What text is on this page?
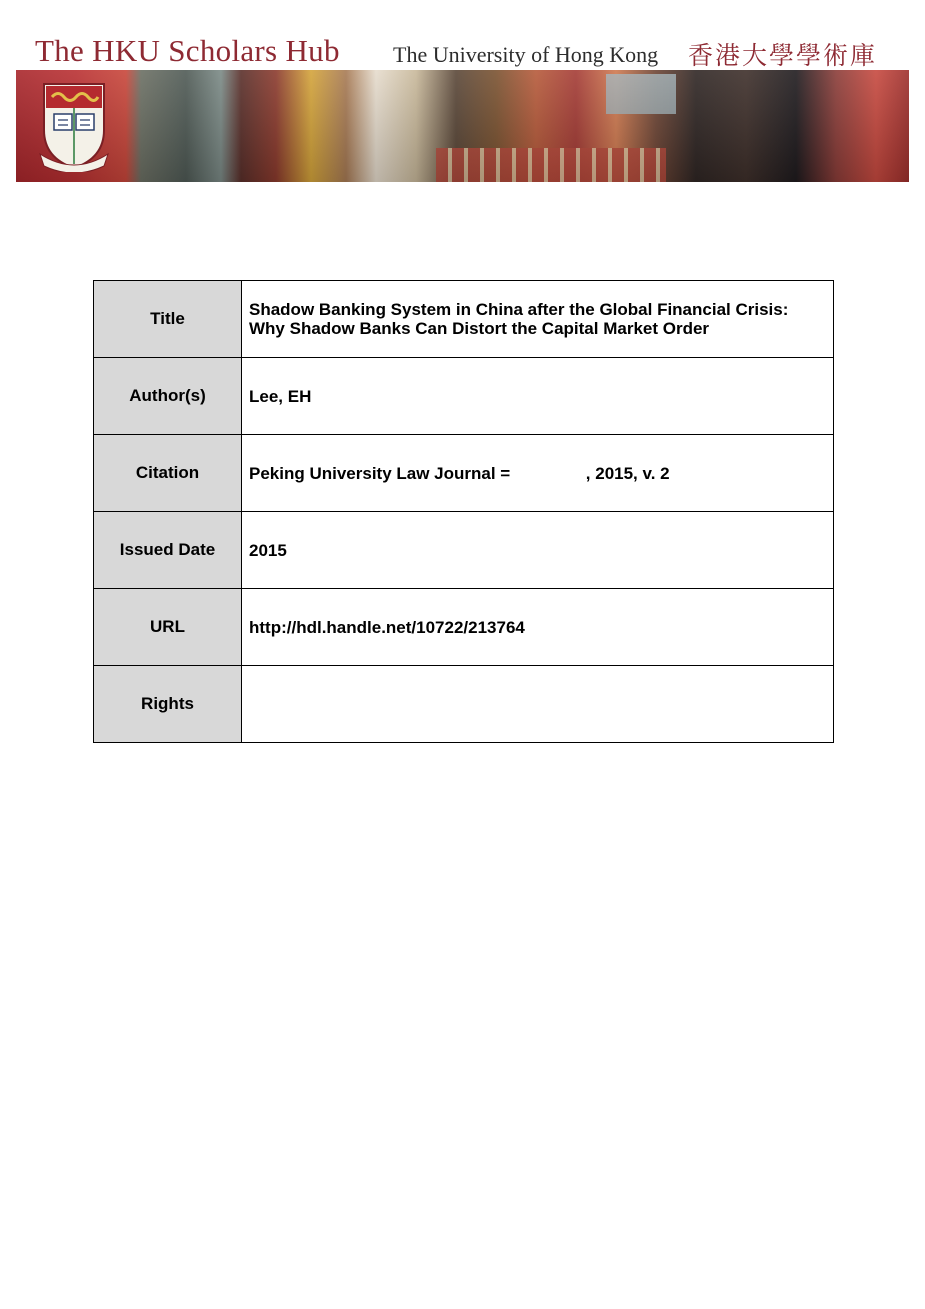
The HKU Scholars Hub The University of Hong Kong 香港大學學術庫
Title	Shadow Banking System in China after the Global Financial Crisis: Why Shadow Banks Can Distort the Capital Market Order
Author(s)	Lee, EH
Citation	Peking University Law Journal =                , 2015, v. 2
Issued Date	2015
URL	http://hdl.handle.net/10722/213764
Rights	
